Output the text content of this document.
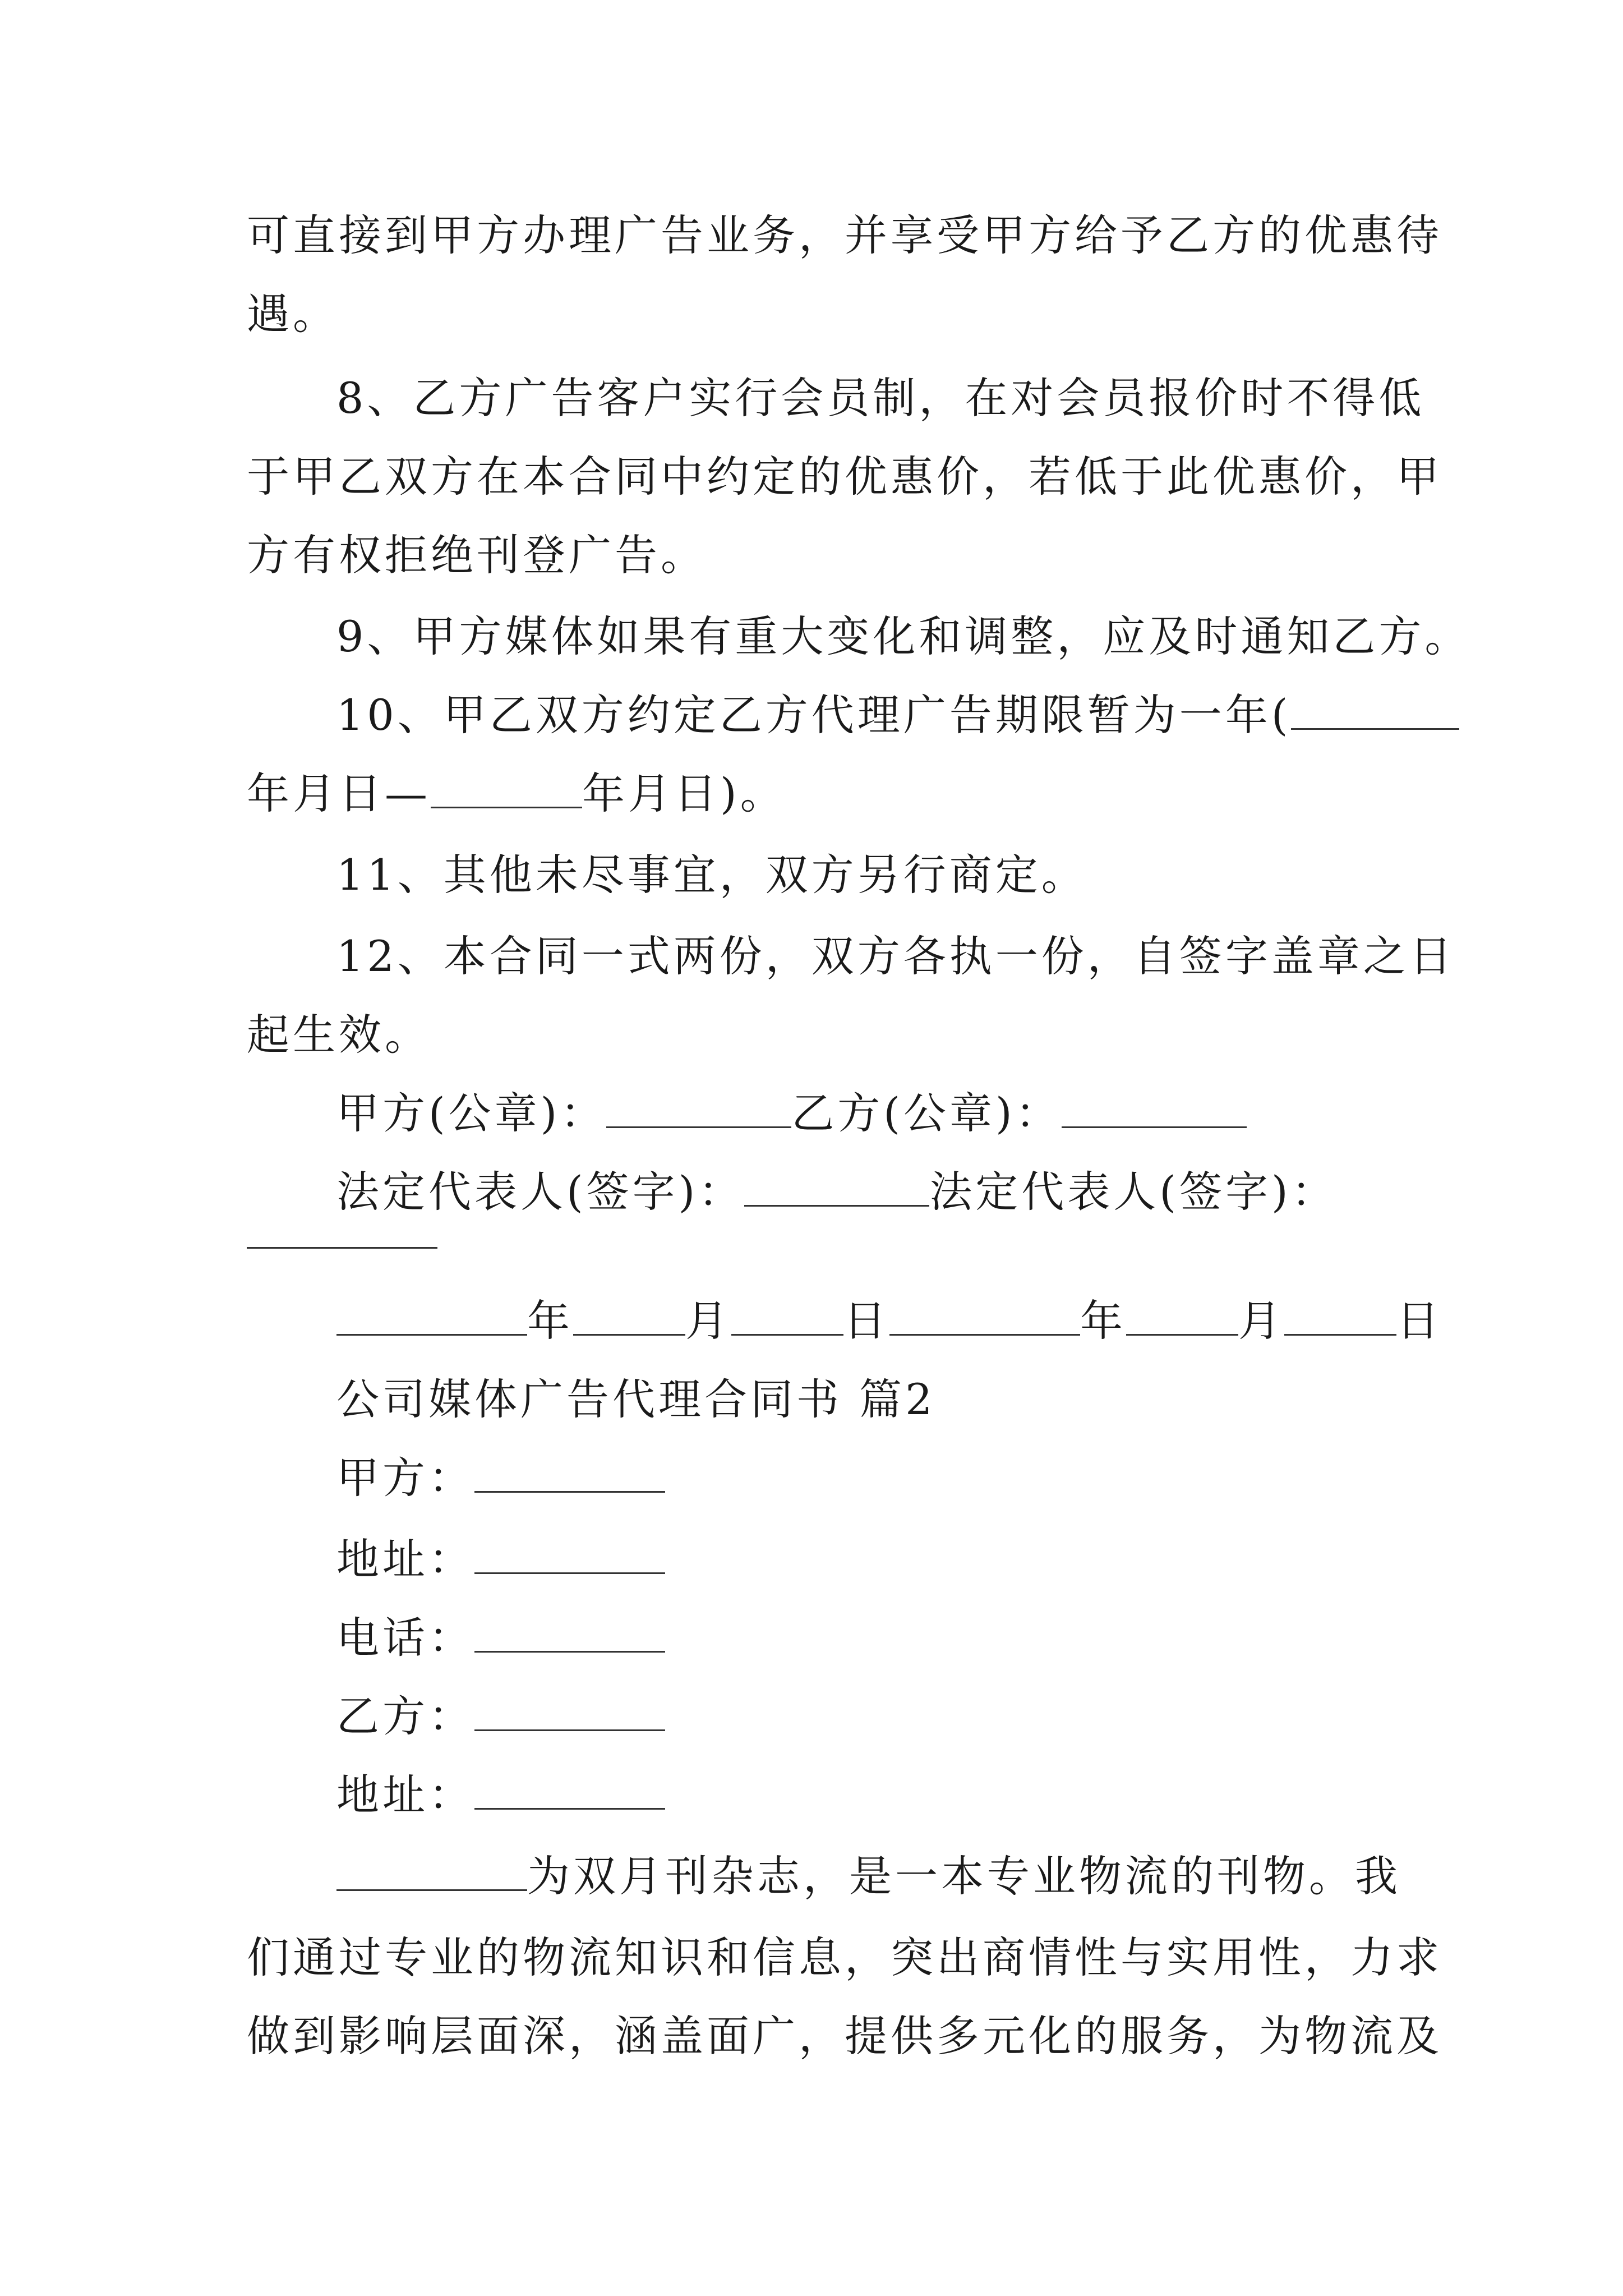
可直接到甲方办理广告业务，并享受甲方给予乙方的优惠待
遇。
8、乙方广告客户实行会员制，在对会员报价时不得低
于甲乙双方在本合同中约定的优惠价，若低于此优惠价，甲
方有权拒绝刊登广告。
9、甲方媒体如果有重大变化和调整，应及时通知乙方。
10、甲乙双方约定乙方代理广告期限暂为一年(
年月日—	年月日)。
11、其他未尽事宜，双方另行商定。
12、本合同一式两份，双方各执一份，自签字盖章之日
起生效。
甲方(公章)：	乙方(公章)：
法定代表人(签字)：	法定代表人(签字)：
年	月	日	年	月	日
公司媒体广告代理合同书 篇2
甲方：
地址：
电话：
乙方：
地址：
为双月刊杂志，是一本专业物流的刊物。我
们通过专业的物流知识和信息，突出商情性与实用性，力求
做到影响层面深，涵盖面广，提供多元化的服务，为物流及
